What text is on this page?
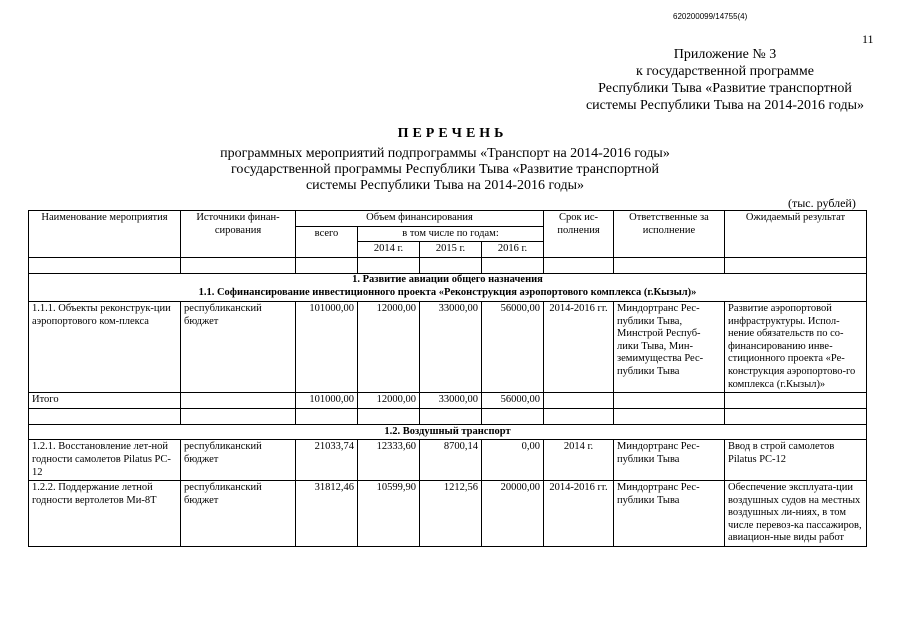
620200099/14755(4)
11
Приложение № 3
к государственной программе
Республики Тыва «Развитие транспортной
системы Республики Тыва на 2014-2016 годы»
ПЕРЕЧЕНЬ
программных мероприятий подпрограммы «Транспорт на 2014-2016 годы»
государственной программы Республики Тыва «Развитие транспортной
системы Республики Тыва на 2014-2016 годы»
(тыс. рублей)
Наименование мероприятия	Источники финан-сирования	Объем финансирования				Срок ис-полнения	Ответственные за исполнение	Ожидаемый результат
		всего	в том числе по годам:					
			2014 г.	2015 г.	2016 г.			

1. Развитие авиации общего назначения								
1.1. Софинансирование инвестиционного проекта «Реконструкция аэропортового комплекса (г.Кызыл)»								
1.1.1. Объекты реконструк-ции аэропортового ком-плекса	республиканский бюджет	101000,00	12000,00	33000,00	56000,00	2014-2016 гг.	Миндортранс Рес-публики Тыва, Минстрой Респуб-лики Тыва, Мин-земимущества Рес-публики Тыва	Развитие аэропортовой инфраструктуры. Испол-нение обязательств по со-финансированию инве-стиционного проекта «Ре-конструкция аэропортово-го комплекса (г.Кызыл)»
Итого		101000,00	12000,00	33000,00	56000,00			

1.2. Воздушный транспорт								
1.2.1. Восстановление лет-ной годности самолетов Pilatus PC-12	республиканский бюджет	21033,74	12333,60	8700,14	0,00	2014 г.	Миндортранс Рес-публики Тыва	Ввод в строй самолетов Pilatus PC-12
1.2.2. Поддержание летной годности вертолетов Ми-8Т	республиканский бюджет	31812,46	10599,90	1212,56	20000,00	2014-2016 гг.	Миндортранс Рес-публики Тыва	Обеспечение эксплуата-ции воздушных судов на местных воздушных ли-ниях, в том числе перевоз-ка пассажиров, авиацион-ные виды работ
